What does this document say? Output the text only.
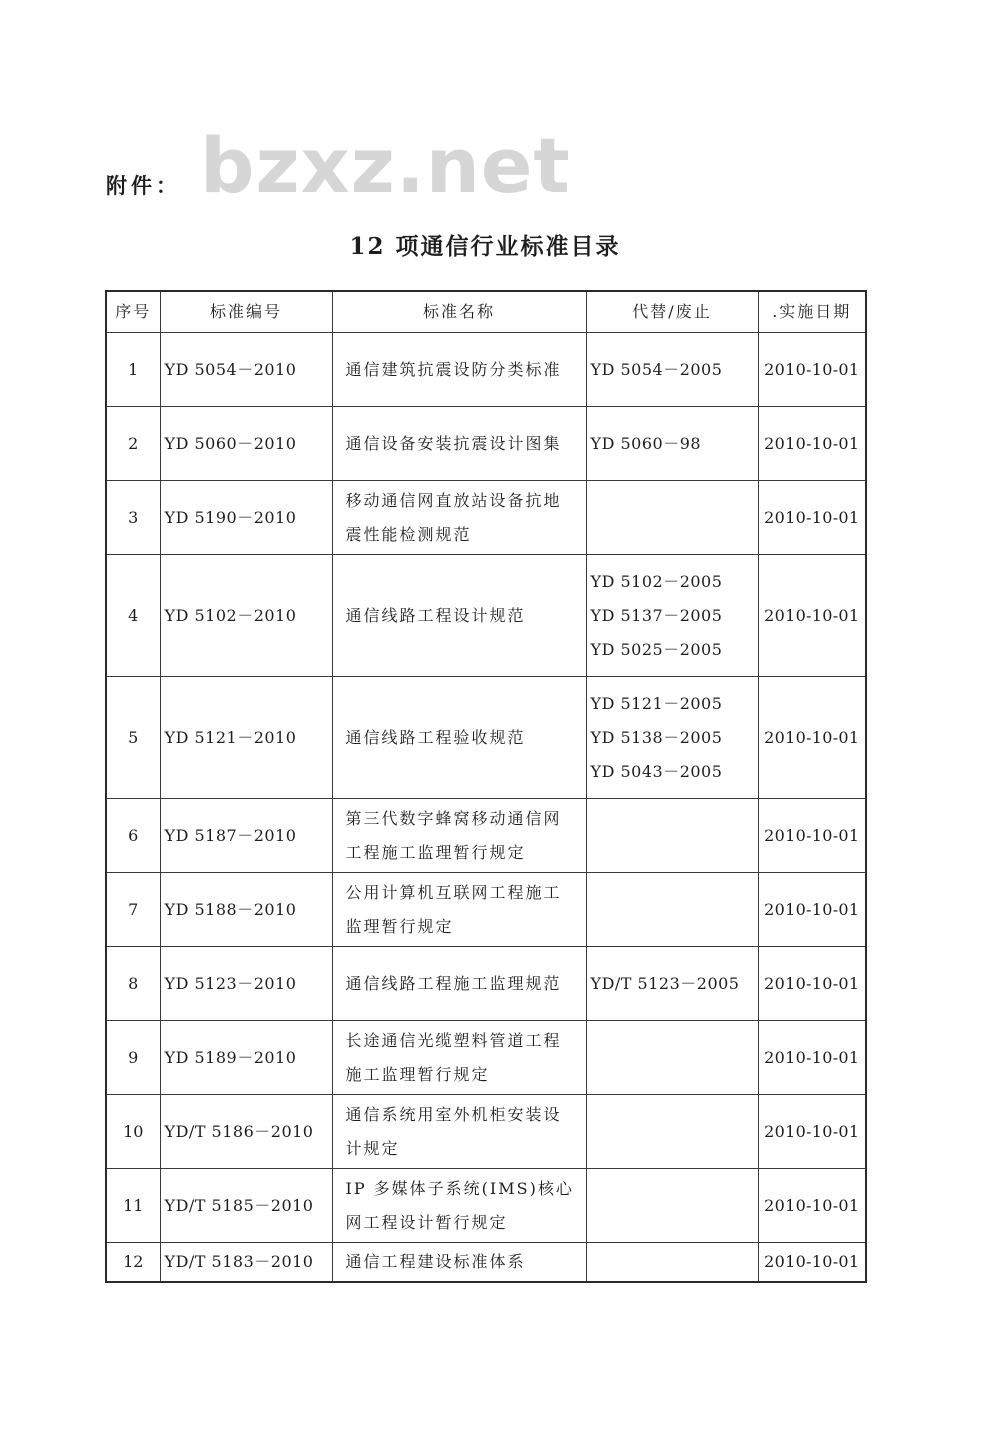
bzxz.net
附件：
12 项通信行业标准目录
序号	标准编号	标准名称	代替/废止	.实施日期
1	YD 5054－2010	通信建筑抗震设防分类标准	YD 5054－2005	2010-10-01
2	YD 5060－2010	通信设备安装抗震设计图集	YD 5060－98	2010-10-01
3	YD 5190－2010	移动通信网直放站设备抗地震性能检测规范		2010-10-01
4	YD 5102－2010	通信线路工程设计规范	YD 5102－2005
YD 5137－2005
YD 5025－2005	2010-10-01
5	YD 5121－2010	通信线路工程验收规范	YD 5121－2005
YD 5138－2005
YD 5043－2005	2010-10-01
6	YD 5187－2010	第三代数字蜂窝移动通信网工程施工监理暂行规定		2010-10-01
7	YD 5188－2010	公用计算机互联网工程施工监理暂行规定		2010-10-01
8	YD 5123－2010	通信线路工程施工监理规范	YD/T 5123－2005	2010-10-01
9	YD 5189－2010	长途通信光缆塑料管道工程施工监理暂行规定		2010-10-01
10	YD/T 5186－2010	通信系统用室外机柜安装设计规定		2010-10-01
11	YD/T 5185－2010	IP 多媒体子系统(IMS)核心网工程设计暂行规定		2010-10-01
12	YD/T 5183－2010	通信工程建设标准体系		2010-10-01
